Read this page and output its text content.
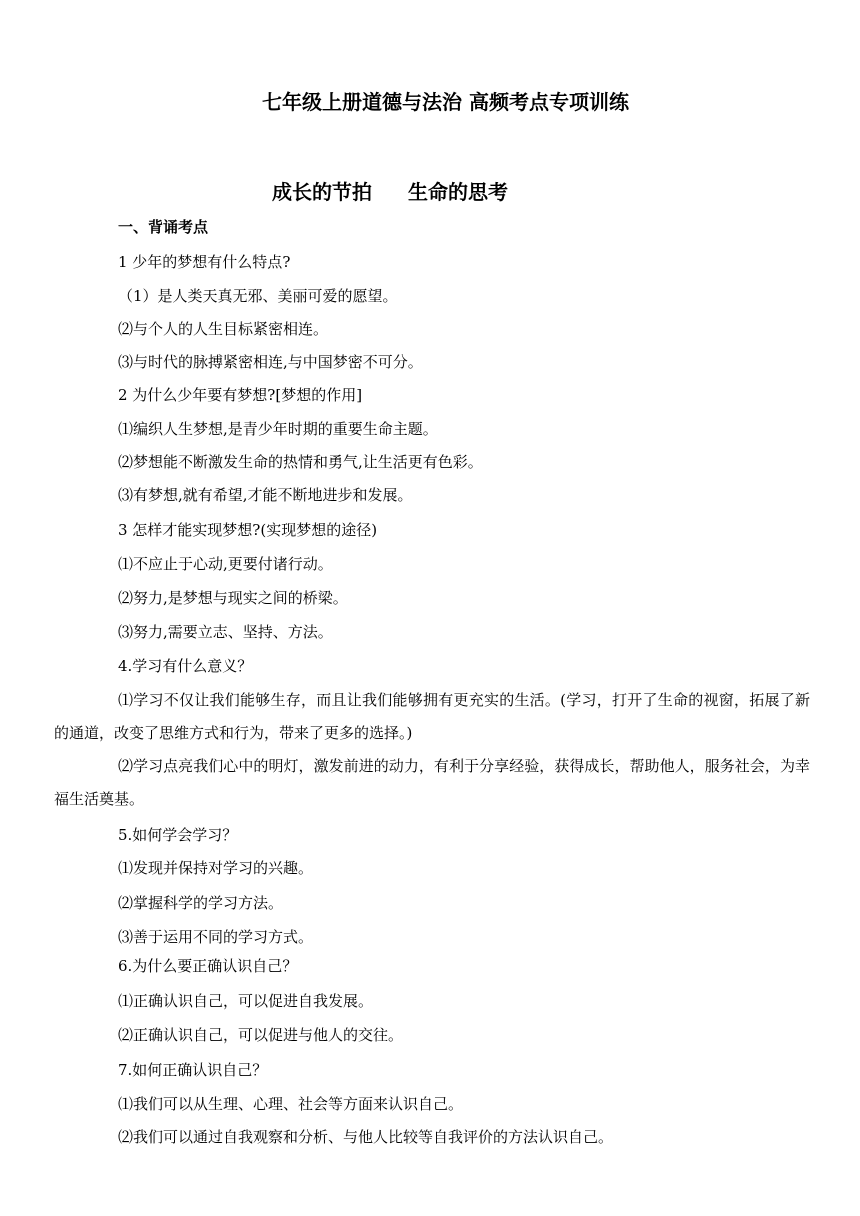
七年级上册道德与法治 高频考点专项训练
成长的节拍 生命的思考
一、背诵考点
1 少年的梦想有什么特点?
（1）是人类天真无邪、美丽可爱的愿望。
⑵与个人的人生目标紧密相连。
⑶与时代的脉搏紧密相连,与中国梦密不可分。
2 为什么少年要有梦想?[梦想的作用]
⑴编织人生梦想,是青少年时期的重要生命主题。
⑵梦想能不断激发生命的热情和勇气,让生活更有色彩。
⑶有梦想,就有希望,才能不断地进步和发展。
3 怎样才能实现梦想?(实现梦想的途径)
⑴不应止于心动,更要付诸行动。
⑵努力,是梦想与现实之间的桥梁。
⑶努力,需要立志、坚持、方法。
4.学习有什么意义？
⑴学习不仅让我们能够生存，而且让我们能够拥有更充实的生活。(学习，打开了生命的视窗，拓展了新的通道，改变了思维方式和行为，带来了更多的选择。)
⑵学习点亮我们心中的明灯，激发前进的动力，有利于分享经验，获得成长，帮助他人，服务社会，为幸福生活奠基。
5.如何学会学习？
⑴发现并保持对学习的兴趣。
⑵掌握科学的学习方法。
⑶善于运用不同的学习方式。
6.为什么要正确认识自己？
⑴正确认识自己，可以促进自我发展。
⑵正确认识自己，可以促进与他人的交往。
7.如何正确认识自己？
⑴我们可以从生理、心理、社会等方面来认识自己。
⑵我们可以通过自我观察和分析、与他人比较等自我评价的方法认识自己。
